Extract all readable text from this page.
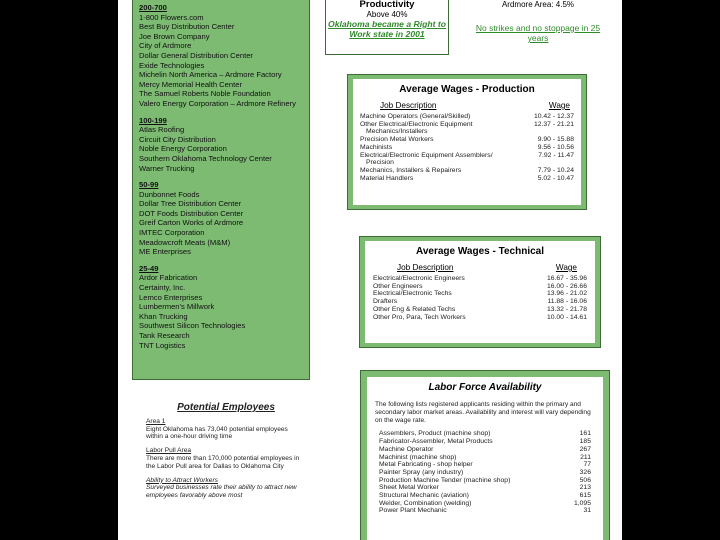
200-700
1-800 Flowers.com
Best Buy Distribution Center
Joe Brown Company
City of Ardmore
Dollar General Distribution Center
Exide Technologies
Michelin North America – Ardmore Factory
Mercy Memorial Health Center
The Samuel Roberts Noble Foundation
Valero Energy Corporation – Ardmore Refinery
100-199
Atlas Roofing
Circuit City Distribution
Noble Energy Corporation
Southern Oklahoma Technology Center
Warner Trucking
50-99
Dunbonnet Foods
Dollar Tree Distribution Center
DOT Foods Distribution Center
Greif Carton Works of Ardmore
IMTEC Corporation
Meadowcroft Meats (M&M)
ME Enterprises
25-49
Ardor Fabrication
Certainty, Inc.
Lemco Enterprises
Lumbermen's Millwork
Khan Trucking
Southwest Silicon Technologies
Tank Research
TNT Logistics
Productivity
Above 40%
Oklahoma became a Right to Work state in 2001
Ardmore Area: 4.5%
No strikes and no stoppage in 25 years
Average Wages - Production
Job Description	Wage
Machine Operators (General/Skilled)	10.42 - 12.37
Other Electrical/Electronic Equipment	12.37 - 21.21
Mechanics/Installers
Precision Metal Workers	9.90 - 15.88
Machinists	9.56 - 10.56
Electrical/Electronic Equipment Assemblers/	7.92 - 11.47
Precision
Mechanics, Installers & Repairers	7.79 - 10.24
Material Handlers	5.02 - 10.47
Average Wages - Technical
Job Description	Wage
Electrical/Electronic Engineers	16.67 - 35.96
Other Engineers	16.00 - 26.66
Electrical/Electronic Techs	13.96 - 21.02
Drafters	11.88 - 16.06
Other Eng & Related Techs	13.32 - 21.78
Other Pro, Para, Tech Workers	10.00 - 14.61
Potential Employees
Area 1
Eight Oklahoma has 73,040 potential employees within a one-hour driving time
Labor Pull Area
There are more than 170,000 potential employees in the Labor Pull area for Dallas to Oklahoma City
Ability to Attract Workers
Surveyed businesses rate their ability to attract new employees favorably above most
Labor Force Availability
The following lists registered applicants residing within the primary and secondary labor market areas. Availability and interest will vary depending on the wage rate.
Assemblers, Product (machine shop)	161
Fabricator-Assembler, Metal Products	185
Machine Operator	267
Machinist (machine shop)	211
Metal Fabricating - shop helper	77
Painter Spray (any industry)	326
Production Machine Tender (machine shop)	506
Sheet Metal Worker	213
Structural Mechanic (aviation)	615
Welder, Combination (welding)	1,095
Power Plant Mechanic	31
